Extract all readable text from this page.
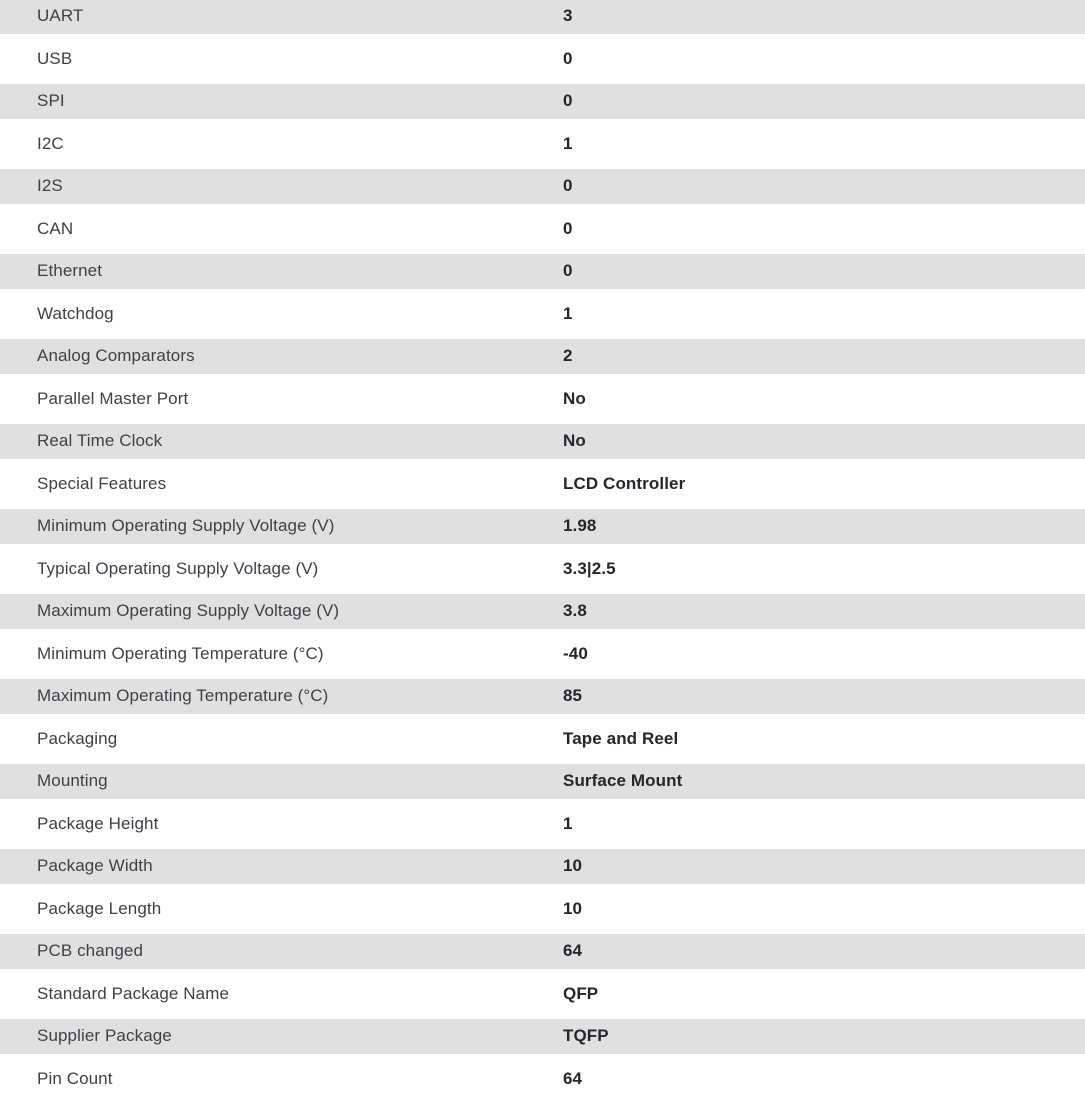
UART	3
USB	0
SPI	0
I2C	1
I2S	0
CAN	0
Ethernet	0
Watchdog	1
Analog Comparators	2
Parallel Master Port	No
Real Time Clock	No
Special Features	LCD Controller
Minimum Operating Supply Voltage (V)	1.98
Typical Operating Supply Voltage (V)	3.3|2.5
Maximum Operating Supply Voltage (V)	3.8
Minimum Operating Temperature (°C)	-40
Maximum Operating Temperature (°C)	85
Packaging	Tape and Reel
Mounting	Surface Mount
Package Height	1
Package Width	10
Package Length	10
PCB changed	64
Standard Package Name	QFP
Supplier Package	TQFP
Pin Count	64
